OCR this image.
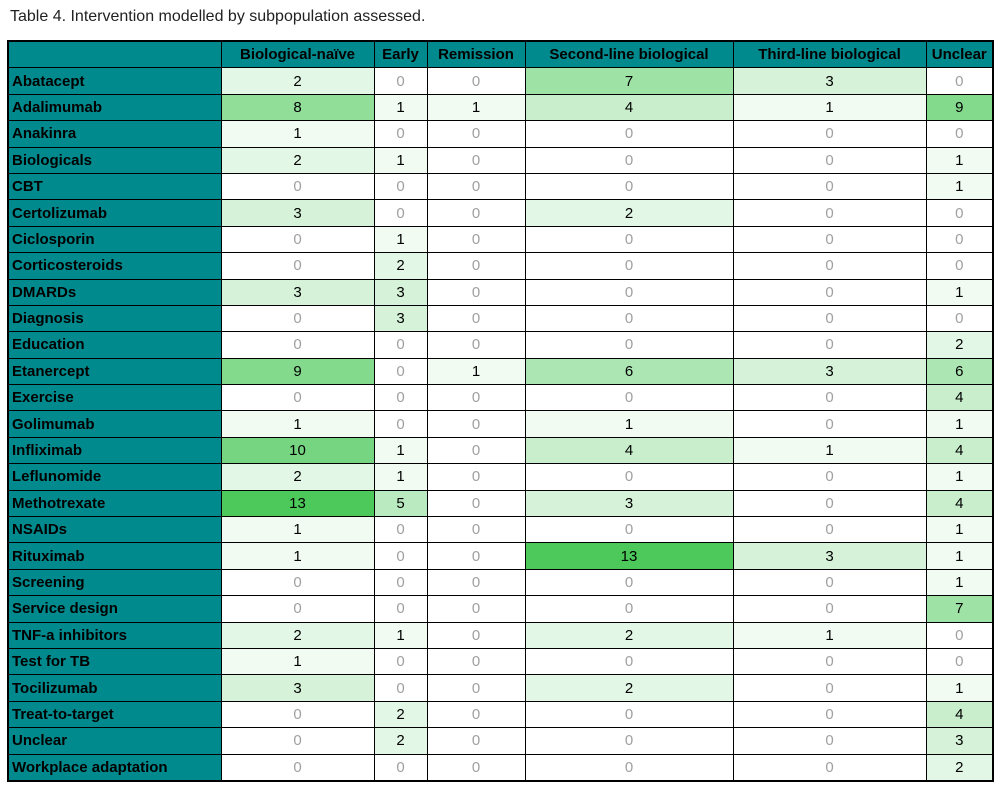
Table 4. Intervention modelled by subpopulation assessed.
	Biological-naïve	Early	Remission	Second-line biological	Third-line biological	Unclear
Abatacept	2	0	0	7	3	0
Adalimumab	8	1	1	4	1	9
Anakinra	1	0	0	0	0	0
Biologicals	2	1	0	0	0	1
CBT	0	0	0	0	0	1
Certolizumab	3	0	0	2	0	0
Ciclosporin	0	1	0	0	0	0
Corticosteroids	0	2	0	0	0	0
DMARDs	3	3	0	0	0	1
Diagnosis	0	3	0	0	0	0
Education	0	0	0	0	0	2
Etanercept	9	0	1	6	3	6
Exercise	0	0	0	0	0	4
Golimumab	1	0	0	1	0	1
Infliximab	10	1	0	4	1	4
Leflunomide	2	1	0	0	0	1
Methotrexate	13	5	0	3	0	4
NSAIDs	1	0	0	0	0	1
Rituximab	1	0	0	13	3	1
Screening	0	0	0	0	0	1
Service design	0	0	0	0	0	7
TNF-a inhibitors	2	1	0	2	1	0
Test for TB	1	0	0	0	0	0
Tocilizumab	3	0	0	2	0	1
Treat-to-target	0	2	0	0	0	4
Unclear	0	2	0	0	0	3
Workplace adaptation	0	0	0	0	0	2
